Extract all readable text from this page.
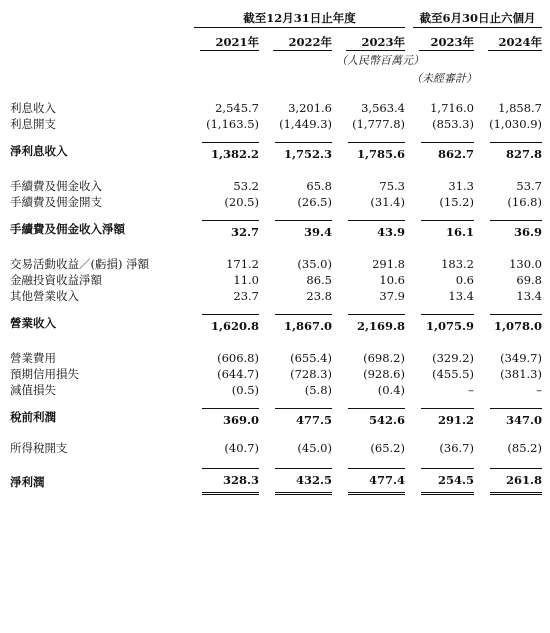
	截至12月31日止年度			截至6月30日止六個月	

	2021年	2022年	2023年	2023年	2024年

			（人民幣百萬元）		
				（未經審計）	

利息收入	2,545.7	3,201.6	3,563.4	1,716.0	1,858.7
利息開支	(1,163.5)	(1,449.3)	(1,777.8)	(853.3)	(1,030.9)

淨利息收入	1,382.2	1,752.3	1,785.6	862.7	827.8

手續費及佣金收入	53.2	65.8	75.3	31.3	53.7
手續費及佣金開支	(20.5)	(26.5)	(31.4)	(15.2)	(16.8)

手續費及佣金收入淨額	32.7	39.4	43.9	16.1	36.9

交易活動收益／(虧損) 淨額	171.2	(35.0)	291.8	183.2	130.0
金融投資收益淨額	11.0	86.5	10.6	0.6	69.8
其他營業收入	23.7	23.8	37.9	13.4	13.4

營業收入	1,620.8	1,867.0	2,169.8	1,075.9	1,078.0

營業費用	(606.8)	(655.4)	(698.2)	(329.2)	(349.7)
預期信用損失	(644.7)	(728.3)	(928.6)	(455.5)	(381.3)
減值損失	(0.5)	(5.8)	(0.4)	–	–

稅前利潤	369.0	477.5	542.6	291.2	347.0

所得稅開支	(40.7)	(45.0)	(65.2)	(36.7)	(85.2)

淨利潤	328.3	432.5	477.4	254.5	261.8
